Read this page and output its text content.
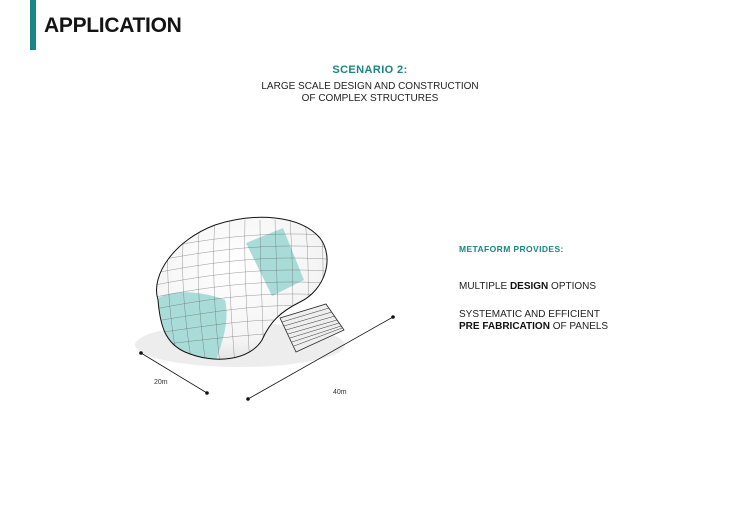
APPLICATION
SCENARIO 2:
LARGE SCALE DESIGN AND CONSTRUCTION
OF COMPLEX STRUCTURES
20m
40m
METAFORM PROVIDES:
MULTIPLE DESIGN OPTIONS
SYSTEMATIC AND EFFICIENT
PRE FABRICATION OF PANELS
